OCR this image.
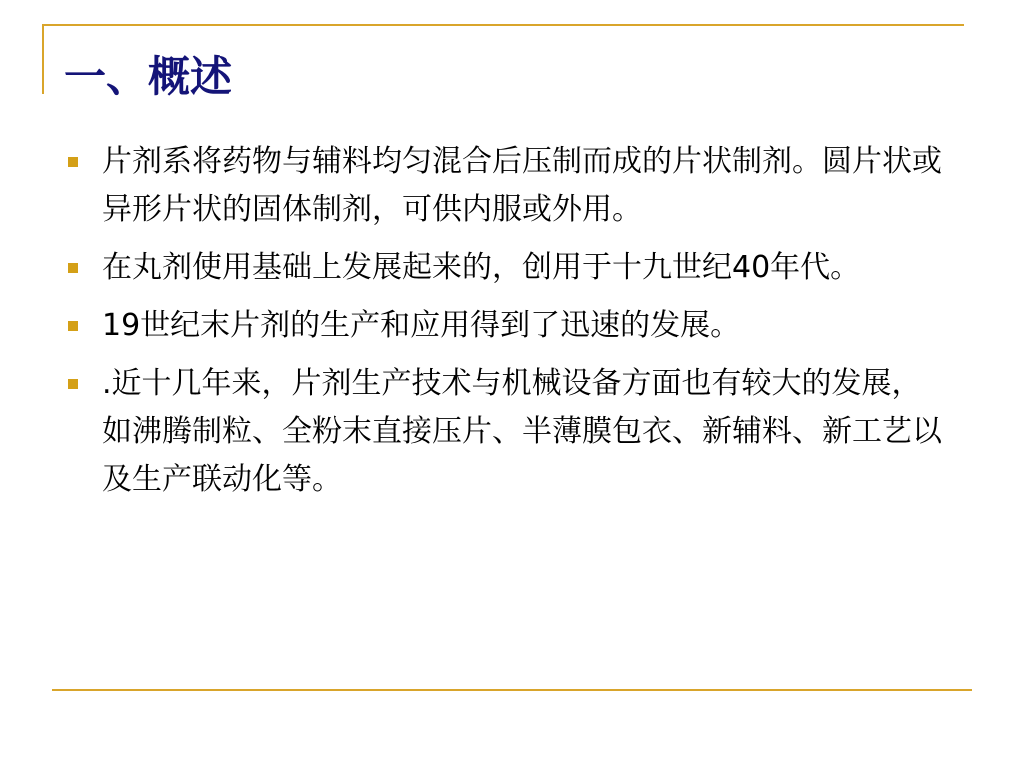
一、概述
片剂系将药物与辅料均匀混合后压制而成的片状制剂。圆片状或异形片状的固体制剂，可供内服或外用。
在丸剂使用基础上发展起来的，创用于十九世纪40年代。
19世纪末片剂的生产和应用得到了迅速的发展。
.近十几年来，片剂生产技术与机械设备方面也有较大的发展，如沸腾制粒、全粉末直接压片、半薄膜包衣、新辅料、新工艺以及生产联动化等。
